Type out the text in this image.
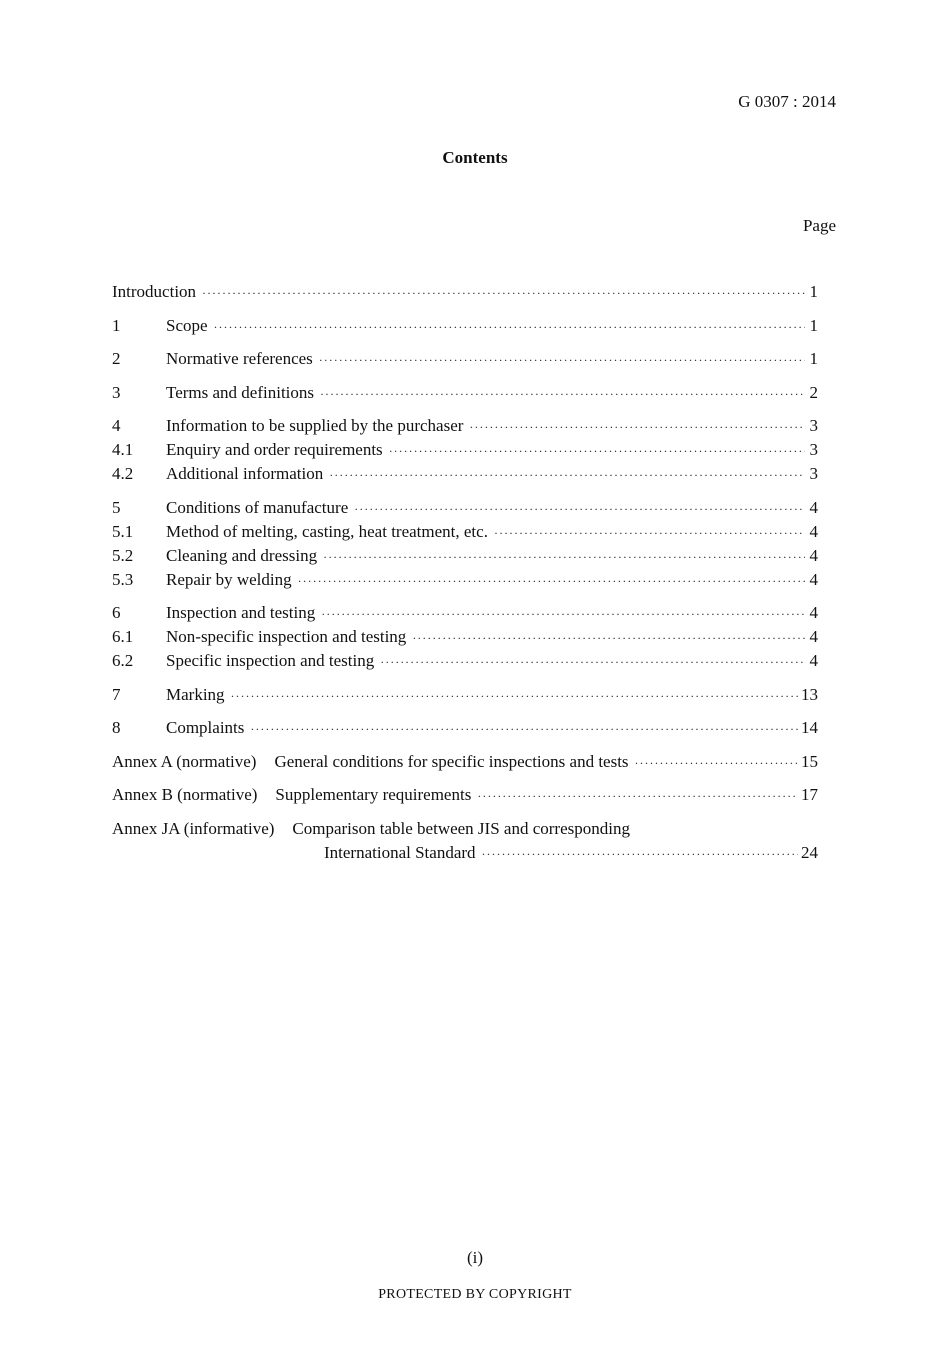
G 0307 : 2014
Contents
Page
Introduction ·····	1
1	Scope ·····	1
2	Normative references ·····	1
3	Terms and definitions ·····	2
4	Information to be supplied by the purchaser ·····	3
4.1	Enquiry and order requirements ·····	3
4.2	Additional information ·····	3
5	Conditions of manufacture ·····	4
5.1	Method of melting, casting, heat treatment, etc. ·····	4
5.2	Cleaning and dressing ·····	4
5.3	Repair by welding ·····	4
6	Inspection and testing ·····	4
6.1	Non-specific inspection and testing ·····	4
6.2	Specific inspection and testing ·····	4
7	Marking ·····	13
8	Complaints ·····	14
Annex A (normative)	General conditions for specific inspections and tests ·····	15
Annex B (normative)	Supplementary requirements ·····	17
Annex JA (informative)	Comparison table between JIS and corresponding
International Standard ·····	24
(i)
PROTECTED BY COPYRIGHT
